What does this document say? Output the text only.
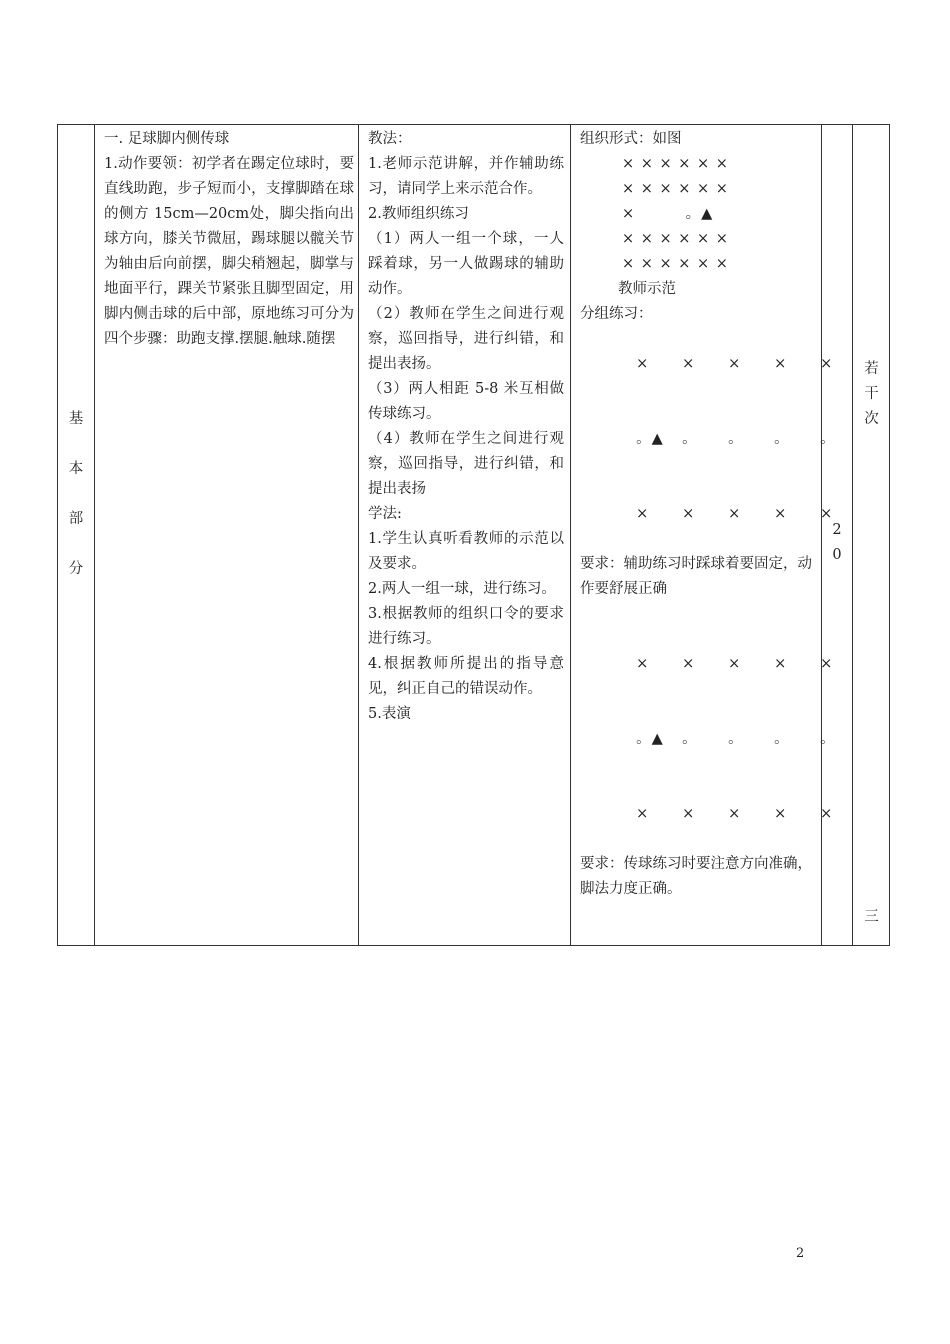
基
本
部
分

一. 足球脚内侧传球

1.动作要领：初学者在踢定位球时，要直线助跑，步子短而小，支撑脚踏在球的侧方 15cm—20cm处，脚尖指向出球方向，膝关节微屈，踢球腿以髋关节为轴由后向前摆，脚尖稍翘起，脚掌与地面平行，踝关节紧张且脚型固定，用脚内侧击球的后中部，原地练习可分为四个步骤：助跑支撑.摆腿.触球.随摆

教法：

1.老师示范讲解，并作辅助练习，请同学上来示范合作。

2.教师组织练习

（1）两人一组一个球，一人踩着球，另一人做踢球的辅助动作。

（2）教师在学生之间进行观察，巡回指导，进行纠错，和提出表扬。

（3）两人相距 5-8 米互相做传球练习。

（4）教师在学生之间进行观察，巡回指导，进行纠错，和提出表扬

学法:

1.学生认真听看教师的示范以及要求。

2.两人一组一球，进行练习。

3.根据教师的组织口令的要求进行练习。

4.根据教师所提出的指导意见，纠正自己的错误动作。

5.表演

组织形式：如图

× × × × × ×
× × × × × ×
×         。▲
× × × × × ×
× × × × × ×

教师示范

分组练习：

× × × × ×

。▲ 。 。 。 。

× × × × ×

要求：辅助练习时踩球着要固定，动作要舒展正确

× × × × ×

。▲ 。 。 。 。

× × × × ×

要求：传球练习时要注意方向准确，脚法力度正确。

2
0
若
干
次
三
2
